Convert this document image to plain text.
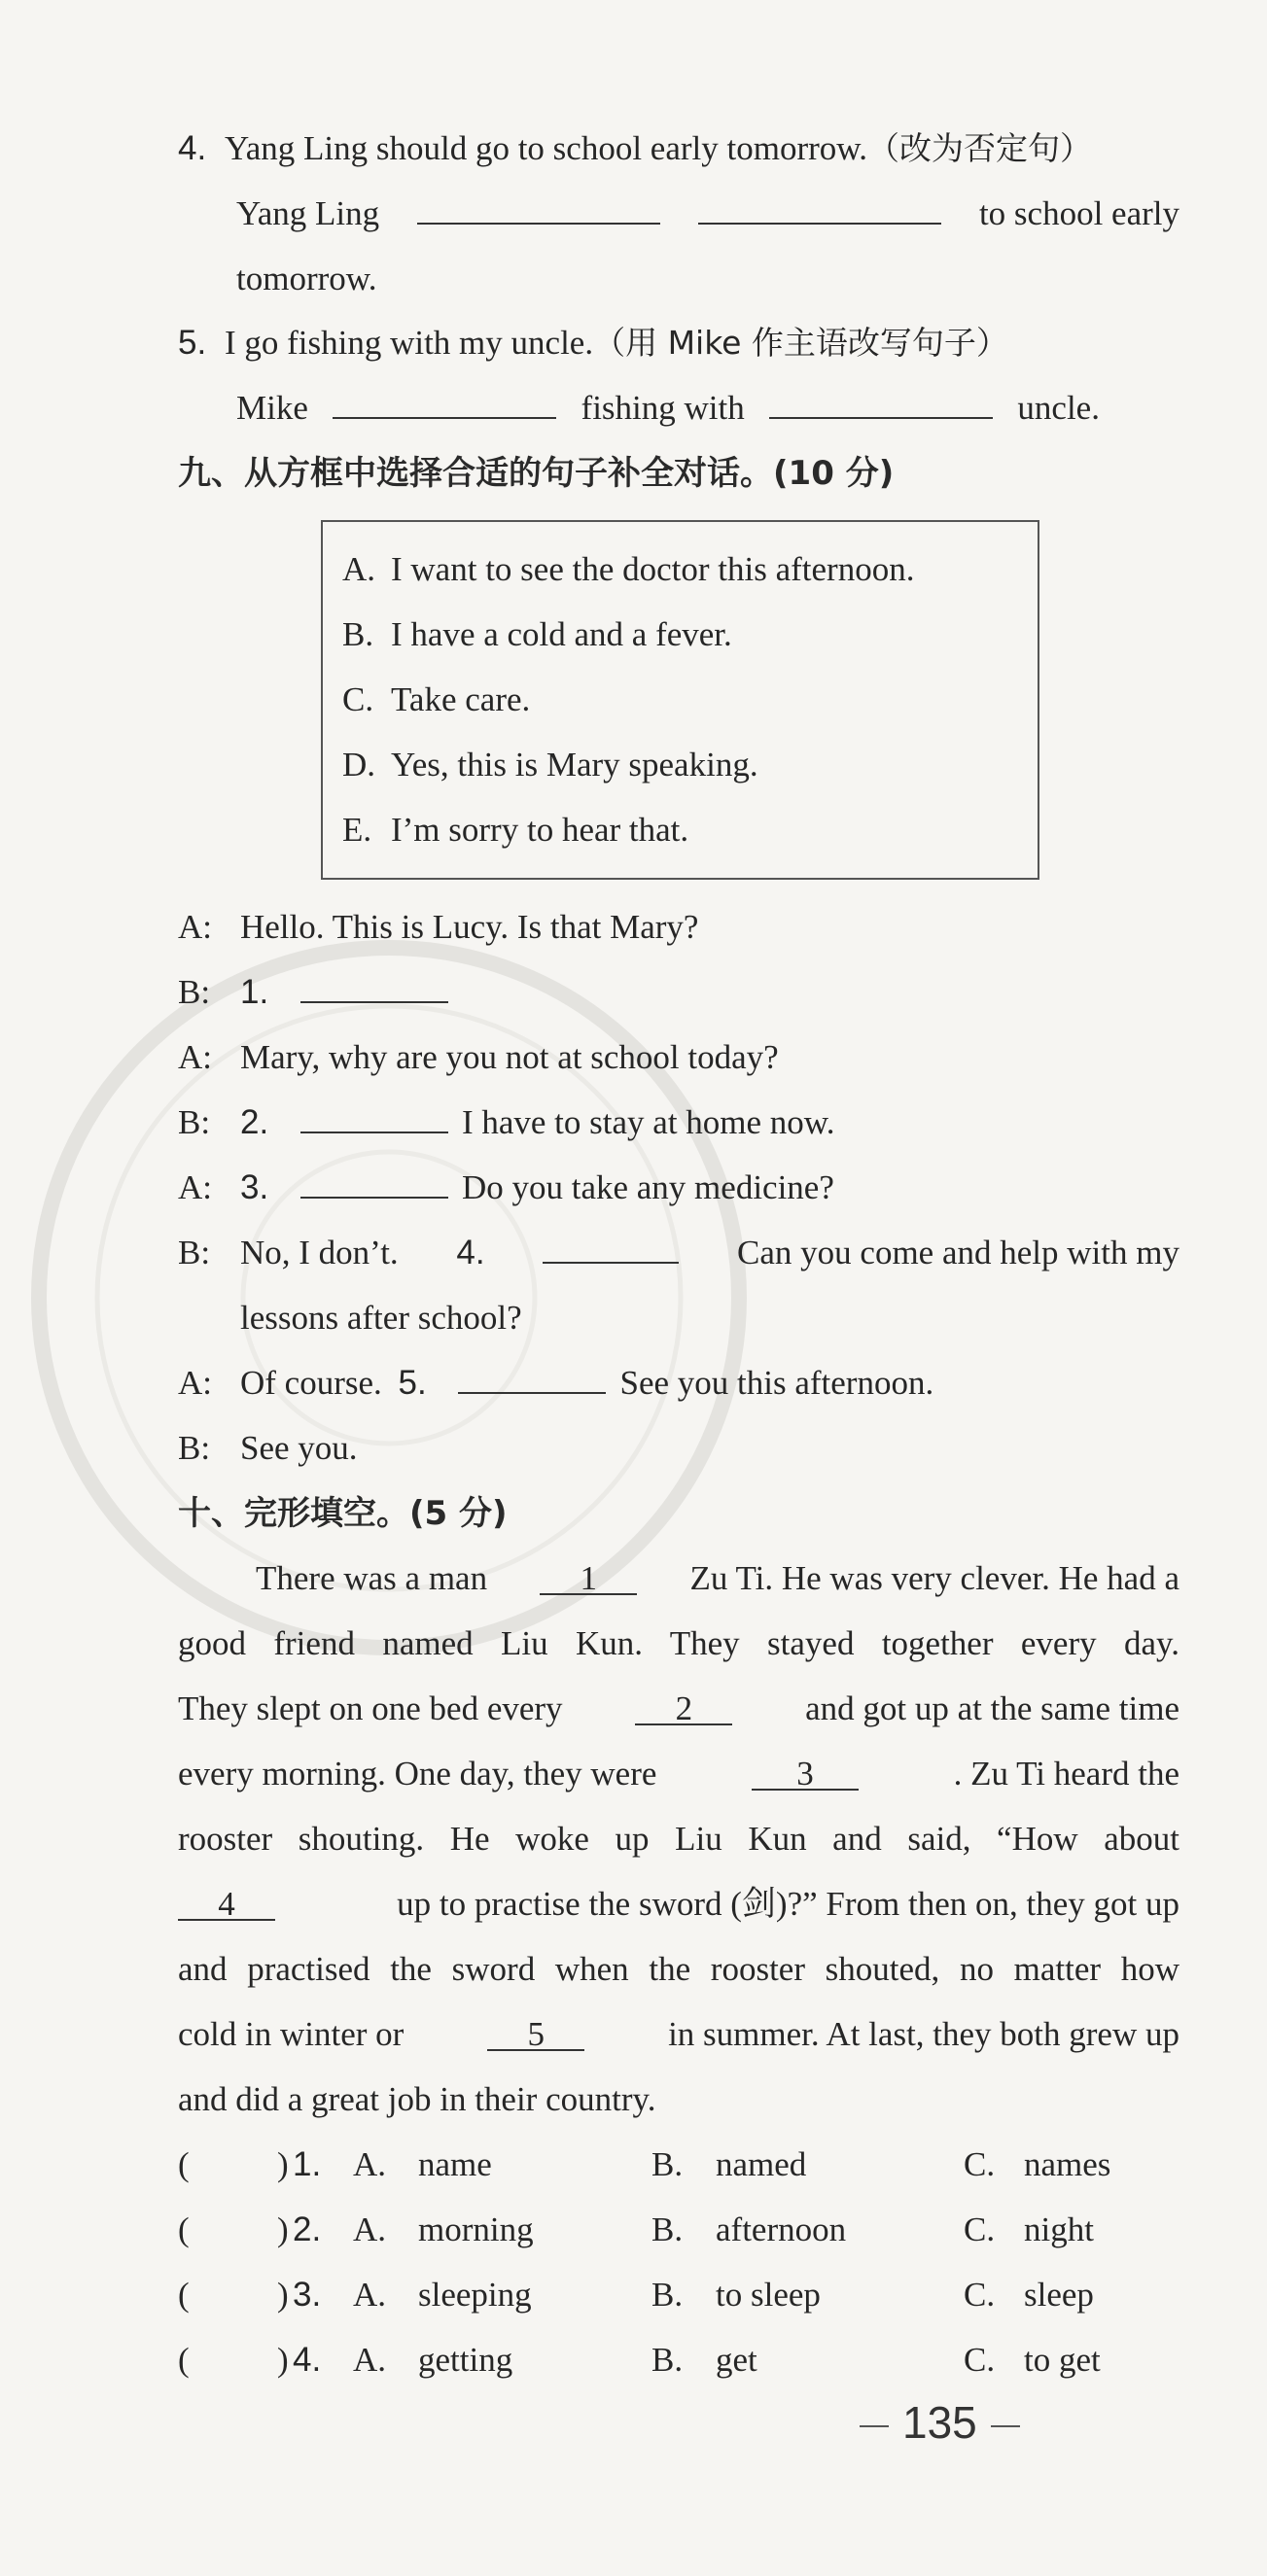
4. Yang Ling should go to school early tomorrow.（改为否定句）
Yang Ling	to school early
tomorrow.
5. I go fishing with my uncle.（用 Mike 作主语改写句子）
Mike	fishing with	uncle.
九、从方框中选择合适的句子补全对话。(10 分)
A. I want to see the doctor this afternoon.
B. I have a cold and a fever.
C. Take care.
D. Yes, this is Mary speaking.
E. I’m sorry to hear that.
A: Hello. This is Lucy. Is that Mary?
B: 1.
A: Mary, why are you not at school today?
B: 2.	I have to stay at home now.
A: 3.	Do you take any medicine?
B: No, I don’t. 4.	Can you come and help with my
lessons after school?
A: Of course. 5.	See you this afternoon.
B: See you.
十、完形填空。(5 分)
There was a man	1	Zu Ti. He was very clever. He had a
good friend named Liu Kun. They stayed together every day.
They slept on one bed every	2	and got up at the same time
every morning. One day, they were	3	. Zu Ti heard the
rooster shouting. He woke up Liu Kun and said, “How about
4	up to practise the sword (剑)?” From then on, they got up
and practised the sword when the rooster shouted, no matter how
cold in winter or	5	in summer. At last, they both grew up
and did a great job in their country.
(	) 1. A. name	B. named	C. names
(	) 2. A. morning	B. afternoon	C. night
(	) 3. A. sleeping	B. to sleep	C. sleep
(	) 4. A. getting	B. get	C. to get
135
